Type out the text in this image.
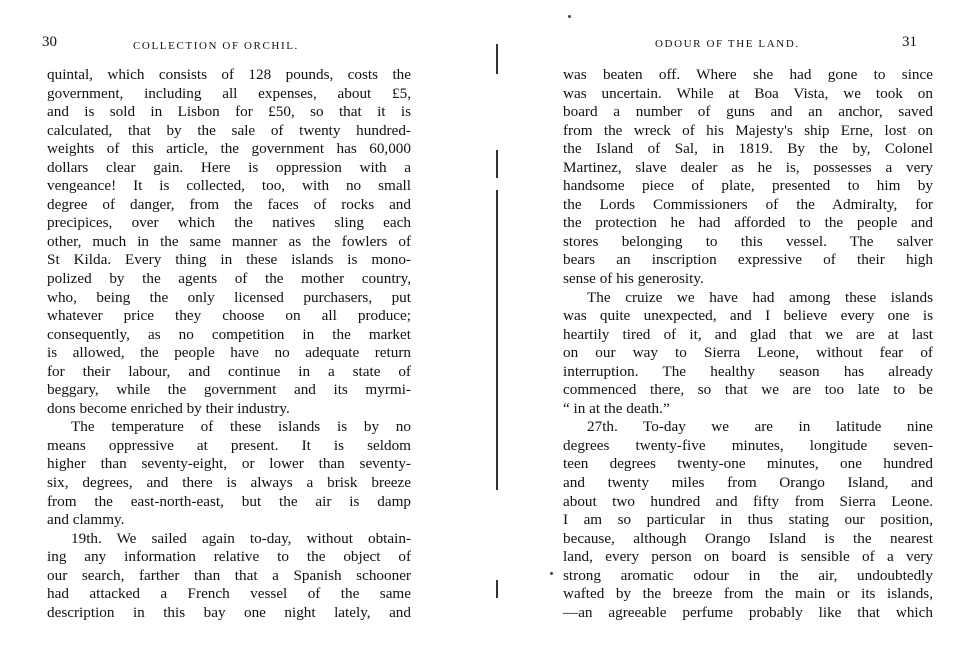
30	COLLECTION OF ORCHIL.
quintal, which consists of 128 pounds, costs the
government, including all expenses, about £5,
and is sold in Lisbon for £50, so that it is
calculated, that by the sale of twenty hundred-
weights of this article, the government has 60,000
dollars clear gain. Here is oppression with a
vengeance! It is collected, too, with no small
degree of danger, from the faces of rocks and
precipices, over which the natives sling each
other, much in the same manner as the fowlers of
St Kilda. Every thing in these islands is mono-
polized by the agents of the mother country,
who, being the only licensed purchasers, put
whatever price they choose on all produce;
consequently, as no competition in the market
is allowed, the people have no adequate return
for their labour, and continue in a state of
beggary, while the government and its myrmi-
dons become enriched by their industry.
The temperature of these islands is by no
means oppressive at present. It is seldom
higher than seventy-eight, or lower than seventy-
six, degrees, and there is always a brisk breeze
from the east-north-east, but the air is damp
and clammy.
19th. We sailed again to-day, without obtain-
ing any information relative to the object of
our search, farther than that a Spanish schooner
had attacked a French vessel of the same
description in this bay one night lately, and
ODOUR OF THE LAND.	31
was beaten off. Where she had gone to since
was uncertain. While at Boa Vista, we took on
board a number of guns and an anchor, saved
from the wreck of his Majesty's ship Erne, lost on
the Island of Sal, in 1819. By the by, Colonel
Martinez, slave dealer as he is, possesses a very
handsome piece of plate, presented to him by
the Lords Commissioners of the Admiralty, for
the protection he had afforded to the people and
stores belonging to this vessel. The salver
bears an inscription expressive of their high
sense of his generosity.
The cruize we have had among these islands
was quite unexpected, and I believe every one is
heartily tired of it, and glad that we are at last
on our way to Sierra Leone, without fear of
interruption. The healthy season has already
commenced there, so that we are too late to be
“ in at the death.”
27th. To-day we are in latitude nine
degrees twenty-five minutes, longitude seven-
teen degrees twenty-one minutes, one hundred
and twenty miles from Orango Island, and
about two hundred and fifty from Sierra Leone.
I am so particular in thus stating our position,
because, although Orango Island is the nearest
land, every person on board is sensible of a very
strong aromatic odour in the air, undoubtedly
wafted by the breeze from the main or its islands,
—an agreeable perfume probably like that which
